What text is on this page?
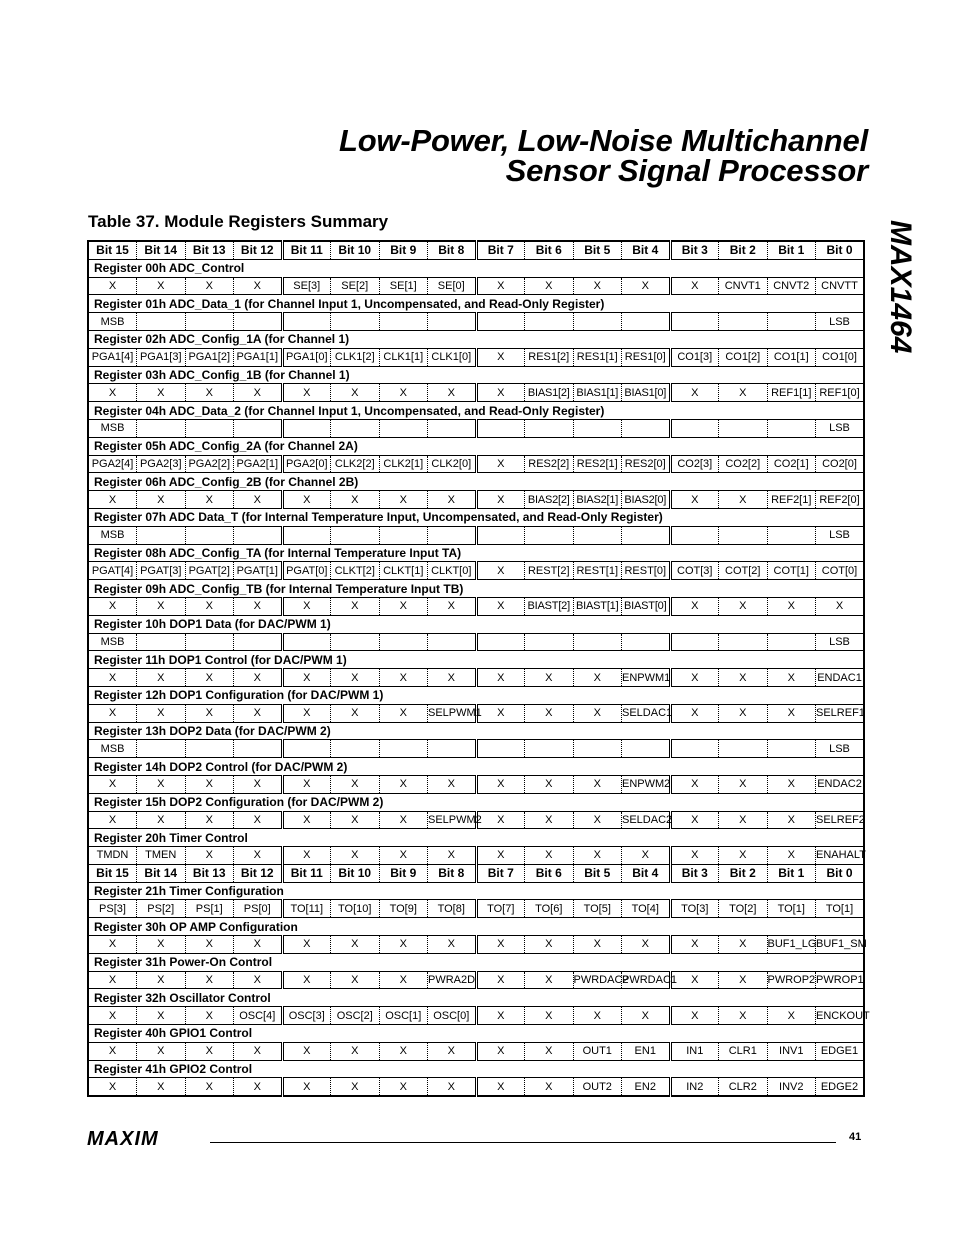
Low-Power, Low-Noise Multichannel
Sensor Signal Processor
MAX1464
Table 37. Module Registers Summary
Bit 15	Bit 14	Bit 13	Bit 12	Bit 11	Bit 10	Bit 9	Bit 8	Bit 7	Bit 6	Bit 5	Bit 4	Bit 3	Bit 2	Bit 1	Bit 0
Register 00h ADC_Control															
X	X	X	X	SE[3]	SE[2]	SE[1]	SE[0]	X	X	X	X	X	CNVT1	CNVT2	CNVTT
Register 01h ADC_Data_1 (for Channel Input 1, Uncompensated, and Read-Only Register)															
MSB															LSB
Register 02h ADC_Config_1A (for Channel 1)															
PGA1[4]	PGA1[3]	PGA1[2]	PGA1[1]	PGA1[0]	CLK1[2]	CLK1[1]	CLK1[0]	X	RES1[2]	RES1[1]	RES1[0]	CO1[3]	CO1[2]	CO1[1]	CO1[0]
Register 03h ADC_Config_1B (for Channel 1)															
X	X	X	X	X	X	X	X	X	BIAS1[2]	BIAS1[1]	BIAS1[0]	X	X	REF1[1]	REF1[0]
Register 04h ADC_Data_2 (for Channel Input 1, Uncompensated, and Read-Only Register)															
MSB															LSB
Register 05h ADC_Config_2A (for Channel 2A)															
PGA2[4]	PGA2[3]	PGA2[2]	PGA2[1]	PGA2[0]	CLK2[2]	CLK2[1]	CLK2[0]	X	RES2[2]	RES2[1]	RES2[0]	CO2[3]	CO2[2]	CO2[1]	CO2[0]
Register 06h ADC_Config_2B (for Channel 2B)															
X	X	X	X	X	X	X	X	X	BIAS2[2]	BIAS2[1]	BIAS2[0]	X	X	REF2[1]	REF2[0]
Register 07h ADC Data_T (for Internal Temperature Input, Uncompensated, and Read-Only Register)															
MSB															LSB
Register 08h ADC_Config_TA (for Internal Temperature Input TA)															
PGAT[4]	PGAT[3]	PGAT[2]	PGAT[1]	PGAT[0]	CLKT[2]	CLKT[1]	CLKT[0]	X	REST[2]	REST[1]	REST[0]	COT[3]	COT[2]	COT[1]	COT[0]
Register 09h ADC_Config_TB (for Internal Temperature Input TB)															
X	X	X	X	X	X	X	X	X	BIAST[2]	BIAST[1]	BIAST[0]	X	X	X	X
Register 10h DOP1 Data (for DAC/PWM 1)															
MSB															LSB
Register 11h DOP1 Control (for DAC/PWM 1)															
X	X	X	X	X	X	X	X	X	X	X	ENPWM1	X	X	X	ENDAC1
Register 12h DOP1 Configuration (for DAC/PWM 1)															
X	X	X	X	X	X	X	SELPWM1	X	X	X	SELDAC1	X	X	X	SELREF1
Register 13h DOP2 Data (for DAC/PWM 2)															
MSB															LSB
Register 14h DOP2 Control (for DAC/PWM 2)															
X	X	X	X	X	X	X	X	X	X	X	ENPWM2	X	X	X	ENDAC2
Register 15h DOP2 Configuration (for DAC/PWM 2)															
X	X	X	X	X	X	X	SELPWM2	X	X	X	SELDAC2	X	X	X	SELREF2
Register 20h Timer Control															
TMDN	TMEN	X	X	X	X	X	X	X	X	X	X	X	X	X	ENAHALT
Bit 15	Bit 14	Bit 13	Bit 12	Bit 11	Bit 10	Bit 9	Bit 8	Bit 7	Bit 6	Bit 5	Bit 4	Bit 3	Bit 2	Bit 1	Bit 0
Register 21h Timer Configuration															
PS[3]	PS[2]	PS[1]	PS[0]	TO[11]	TO[10]	TO[9]	TO[8]	TO[7]	TO[6]	TO[5]	TO[4]	TO[3]	TO[2]	TO[1]	TO[1]
Register 30h OP AMP Configuration															
X	X	X	X	X	X	X	X	X	X	X	X	X	X	BUF1_LG	BUF1_SM
Register 31h Power-On Control															
X	X	X	X	X	X	X	PWRA2D	X	X	PWRDAC2	PWRDAC1	X	X	PWROP2	PWROP1
Register 32h Oscillator Control															
X	X	X	OSC[4]	OSC[3]	OSC[2]	OSC[1]	OSC[0]	X	X	X	X	X	X	X	ENCKOUT
Register 40h GPIO1 Control															
X	X	X	X	X	X	X	X	X	X	OUT1	EN1	IN1	CLR1	INV1	EDGE1
Register 41h GPIO2 Control															
X	X	X	X	X	X	X	X	X	X	OUT2	EN2	IN2	CLR2	INV2	EDGE2
MAXIM	41
